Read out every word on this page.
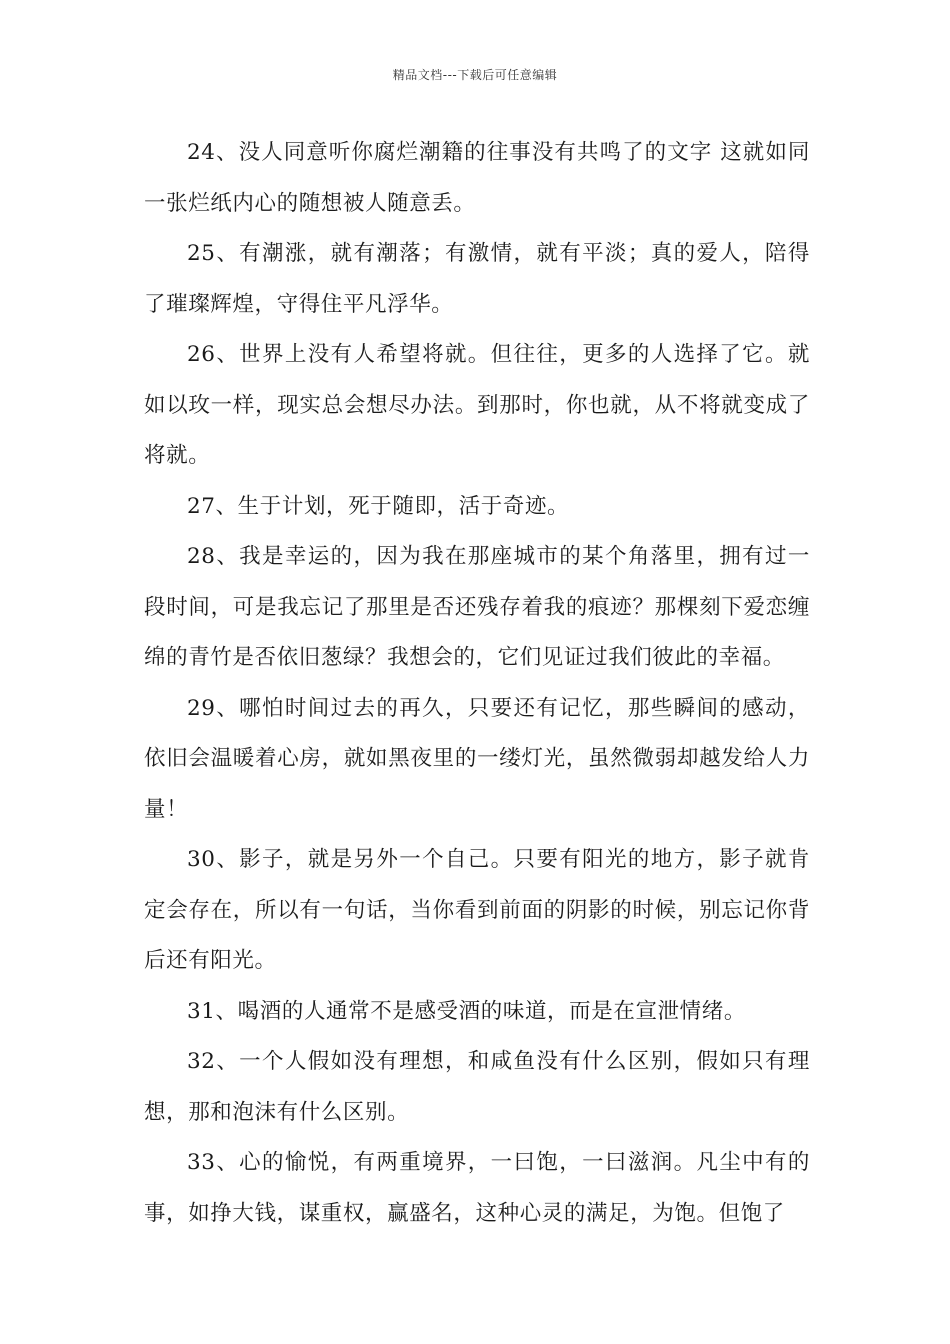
精品文档---下载后可任意编辑

24、没人同意听你腐烂潮籍的往事没有共鸣了的文字 这就如同一张烂纸内心的随想被人随意丢。

25、有潮涨，就有潮落；有激情，就有平淡；真的爱人，陪得了璀璨辉煌，守得住平凡浮华。

26、世界上没有人希望将就。但往往，更多的人选择了它。就如以玫一样，现实总会想尽办法。到那时，你也就，从不将就变成了将就。

27、生于计划，死于随即，活于奇迹。

28、我是幸运的，因为我在那座城市的某个角落里，拥有过一段时间，可是我忘记了那里是否还残存着我的痕迹？那棵刻下爱恋缠绵的青竹是否依旧葱绿？我想会的，它们见证过我们彼此的幸福。

29、哪怕时间过去的再久，只要还有记忆，那些瞬间的感动，依旧会温暖着心房，就如黑夜里的一缕灯光，虽然微弱却越发给人力量！

30、影子，就是另外一个自己。只要有阳光的地方，影子就肯定会存在，所以有一句话，当你看到前面的阴影的时候，别忘记你背后还有阳光。

31、喝酒的人通常不是感受酒的味道，而是在宣泄情绪。

32、一个人假如没有理想，和咸鱼没有什么区别，假如只有理想，那和泡沫有什么区别。

33、心的愉悦，有两重境界，一曰饱，一曰滋润。凡尘中有的事，如挣大钱，谋重权，赢盛名，这种心灵的满足，为饱。但饱了
